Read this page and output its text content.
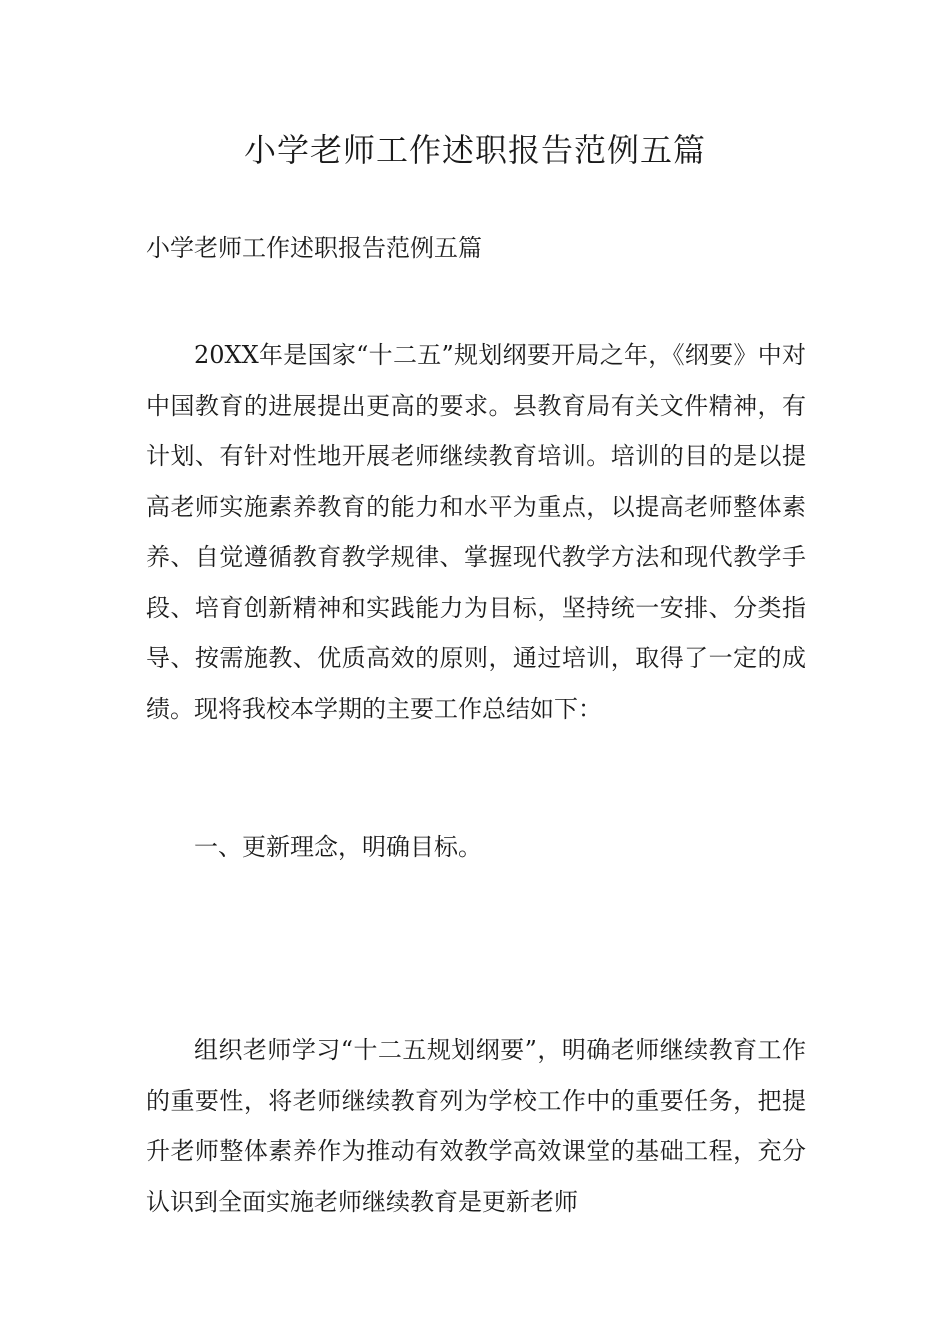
小学老师工作述职报告范例五篇

小学老师工作述职报告范例五篇

20XX年是国家“十二五”规划纲要开局之年，《纲要》中对中国教育的进展提出更高的要求。县教育局有关文件精神，有计划、有针对性地开展老师继续教育培训。培训的目的是以提高老师实施素养教育的能力和水平为重点，以提高老师整体素养、自觉遵循教育教学规律、掌握现代教学方法和现代教学手段、培育创新精神和实践能力为目标，坚持统一安排、分类指导、按需施教、优质高效的原则，通过培训，取得了一定的成绩。现将我校本学期的主要工作总结如下：

一、更新理念，明确目标。

组织老师学习“十二五规划纲要”，明确老师继续教育工作的重要性，将老师继续教育列为学校工作中的重要任务，把提升老师整体素养作为推动有效教学高效课堂的基础工程，充分认识到全面实施老师继续教育是更新老师
